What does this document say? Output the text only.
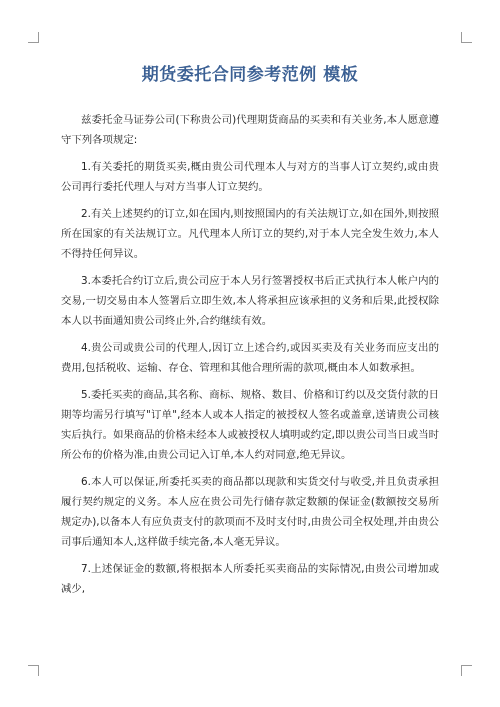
期货委托合同参考范例 模板

兹委托金马证券公司(下称贵公司)代理期货商品的买卖和有关业务,本人愿意遵守下列各项规定:

1.有关委托的期货买卖,概由贵公司代理本人与对方的当事人订立契约,或由贵公司再行委托代理人与对方当事人订立契约。

2.有关上述契约的订立,如在国内,则按照国内的有关法规订立,如在国外,则按照所在国家的有关法规订立。凡代理本人所订立的契约,对于本人完全发生效力,本人不得持任何异议。

3.本委托合约订立后,贵公司应于本人另行签署授权书后正式执行本人帐户内的交易,一切交易由本人签署后立即生效,本人将承担应该承担的义务和后果,此授权除本人以书面通知贵公司终止外,合约继续有效。

4.贵公司或贵公司的代理人,因订立上述合约,或因买卖及有关业务而应支出的费用,包括税收、运输、存仓、管理和其他合理所需的款项,概由本人如数承担。

5.委托买卖的商品,其名称、商标、规格、数目、价格和订约以及交货付款的日期等均需另行填写"订单",经本人或本人指定的被授权人签名或盖章,送请贵公司核实后执行。如果商品的价格未经本人或被授权人填明或约定,即以贵公司当日或当时所公布的价格为准,由贵公司记入订单,本人约对同意,绝无异议。

6.本人可以保证,所委托买卖的商品都以现款和实货交付与收受,并且负责承担履行契约规定的义务。本人应在贵公司先行储存款定数额的保证金(数额按交易所规定办),以备本人有应负责支付的款项而不及时支付时,由贵公司全权处理,并由贵公司事后通知本人,这样做手续完备,本人毫无异议。

7.上述保证金的数额,将根据本人所委托买卖商品的实际情况,由贵公司增加或减少,
